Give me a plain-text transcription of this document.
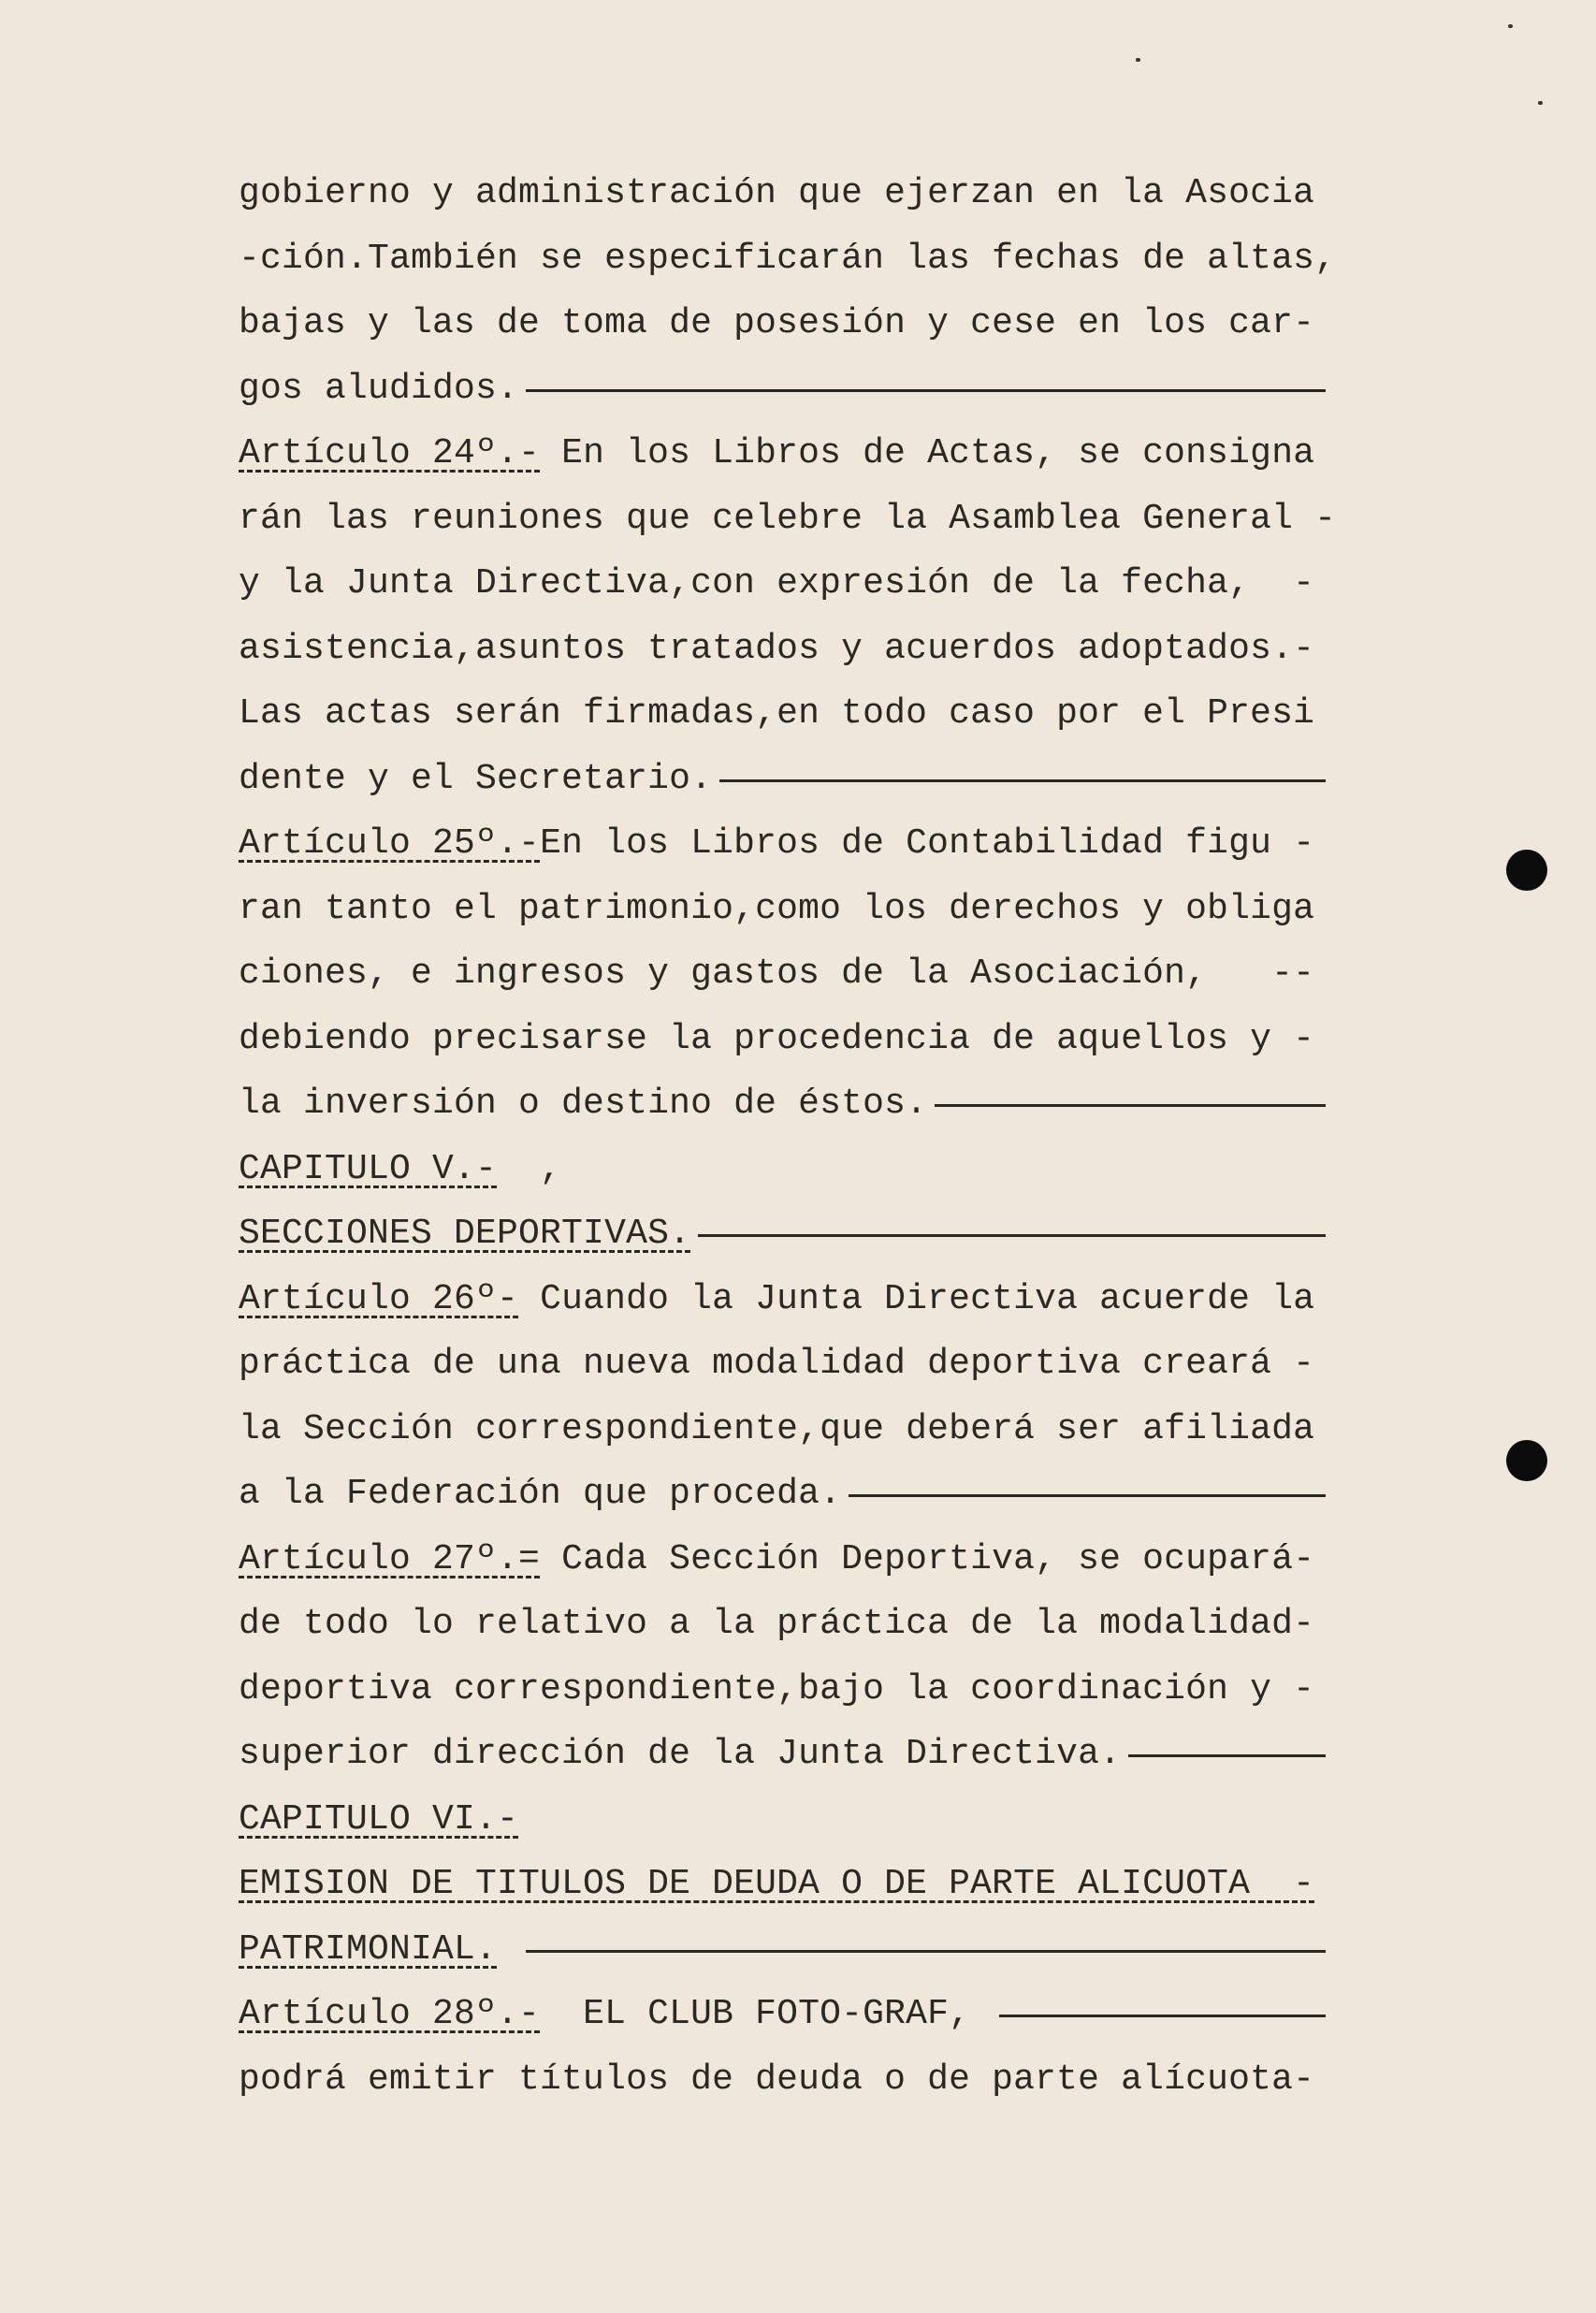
gobierno y administración que ejerzan en la Asocia
-ción.También se especificarán las fechas de altas,
bajas y las de toma de posesión y cese en los car-
gos aludidos.
Artículo 24º.- En los Libros de Actas, se consigna
rán las reuniones que celebre la Asamblea General -
y la Junta Directiva,con expresión de la fecha,  -
asistencia,asuntos tratados y acuerdos adoptados.-
Las actas serán firmadas,en todo caso por el Presi
dente y el Secretario.
Artículo 25º.- En los Libros de Contabilidad figu -
ran tanto el patrimonio,como los derechos y obliga
ciones, e ingresos y gastos de la Asociación,   --
debiendo precisarse la procedencia de aquellos y -
la inversión o destino de éstos.
CAPITULO V.- ,
SECCIONES DEPORTIVAS.
Artículo 26º- Cuando la Junta Directiva acuerde la
práctica de una nueva modalidad deportiva creará -
la Sección correspondiente,que deberá ser afiliada
a la Federación que proceda.
Artículo 27º.= Cada Sección Deportiva, se ocupará-
de todo lo relativo a la práctica de la modalidad-
deportiva correspondiente,bajo la coordinación y -
superior dirección de la Junta Directiva.
CAPITULO VI.-
EMISION DE TITULOS DE DEUDA O DE PARTE ALICUOTA  -
PATRIMONIAL.

Artículo 28º.- EL CLUB FOTO-GRAF,
podrá emitir títulos de deuda o de parte alícuota-
